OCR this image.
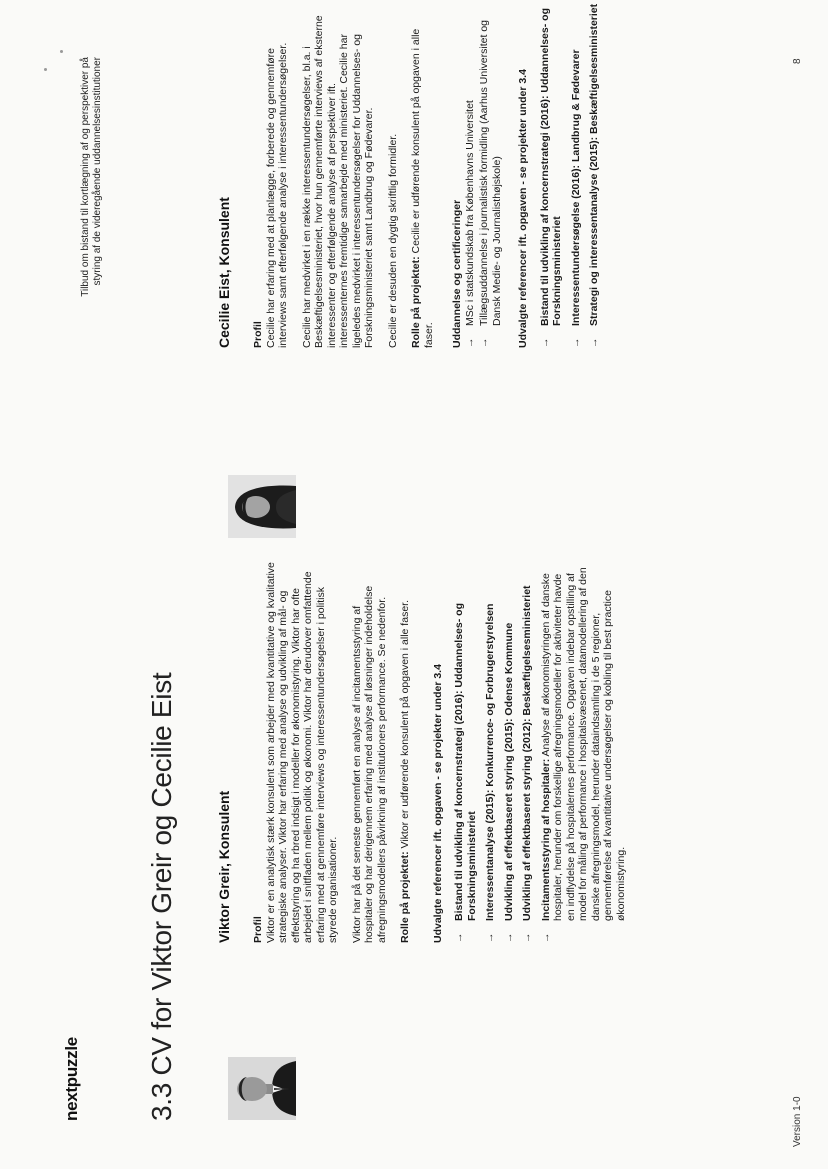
nextpuzzle
Tilbud om bistand til kortlægning af og perspektiver på styring af de videregående uddannelsesinstitutioner
3.3 CV for Viktor Greir og Cecilie Eist	Viktor Greir, Konsulent Profil Viktor er en analytisk stærk konsulent som arbejder med kvantitative og kvalitative strategiske analyser. Viktor har erfaring med analyse og udvikling af mål- og effektstyring og ha rbred indsigt i modeller for økonomistyring. Viktor har ofte arbejdet i snitfladen mellem politik og økonomi. Viktor har derudover omfattende erfaring med at gennemføre interviews og interessentundersøgelser i politisk styrede organisationer. Viktor har på det seneste gennemført en analyse af incitamentsstyring af hospitaler og har derigennem erfaring med analyse af løsninger indeholdelse afregningsmodellers påvirkning af institutioners performance. Se nedenfor. Rolle på projektet: Viktor er udførende konsulent på opgaven i alle faser. Udvalgte referencer ift. opgaven - se projekter under 3.4 →
Bistand til udvikling af koncernstrategi (2016): Uddannelses- og Forskningsministeriet
→
Interessentanalyse (2015): Konkurrence- og Forbrugerstyrelsen
→
Udvikling af effektbaseret styring (2015): Odense Kommune
→
Udvikling af effektbaseret styring (2012): Beskæftigelsesministeriet
→
Incitamentsstyring af hospitaler: Analyse af økonomistyringen af danske hospitaler, herunder om forskellige afregningsmodeller for aktiviteter havde en indflydelse på hospitalernes performance. Opgaven indebar opstilling af model for måling af performance i hospitalsvæsenet, datamodellering af den danske afregningsmodel, herunder dataindsamling i de 5 regioner, gennemførelse af kvantitative undersøgelser og kobling til best practice økonomistyring.
Cecilie Eist, Konsulent Profil Cecilie har erfaring med at planlægge, forberede og gennemføre interviews samt efterfølgende analyse i interessentundersøgelser. Cecilie har medvirket i en række interessentundersøgelser, bl.a. i Beskæftigelsesministeriet, hvor hun gennemførte interviews af eksterne interessenter og efterfølgende analyse af perspektiver ift. interessenternes fremtidige samarbejde med ministeriet. Cecilie har ligeledes medvirket i interessentundersøgelser for Uddannelses- og Forskningsministeriet samt Landbrug og Fødevarer. Cecilie er desuden en dygtig skriftlig formidler. Rolle på projektet: Cecilie er udførende konsulent på opgaven i alle faser. Uddannelse og certificeringer →
MSc i statskundskab fra Københavns Universitet
→
Tillægsuddannelse i journalistisk formidling (Aarhus Universitet og Dansk Medie- og Journalisthøjskole) Udvalgte referencer ift. opgaven - se projekter under 3.4 →
Bistand til udvikling af koncernstrategi (2016): Uddannelses- og Forskningsministeriet
→
Interessentundersøgelse (2016): Landbrug & Fødevarer
→
Strategi og interessentanalyse (2015): Beskæftigelsesministeriet
Version 1-0
8
